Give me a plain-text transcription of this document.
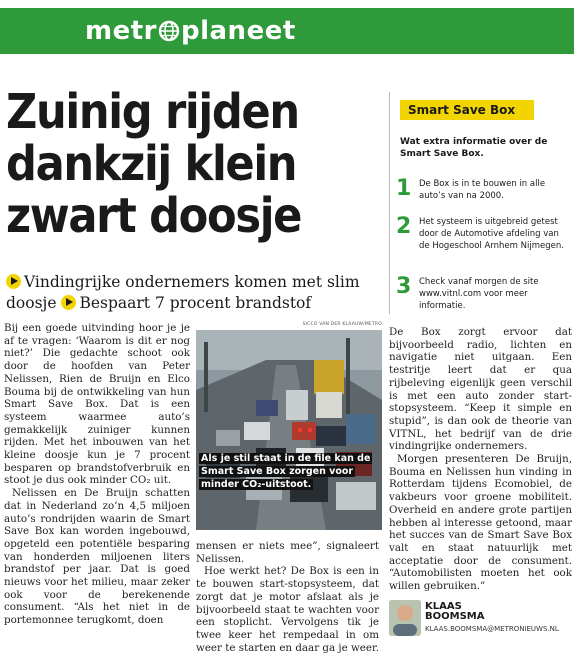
metr planeet
Zuinig rijden
dankzij klein
zwart doosje
Vindingrijke ondernemers komen met slim doosje Bespaart 7 procent brandstof
Smart Save Box
Wat extra informatie over de Smart Save Box.
1 De Box is in te bouwen in alle auto’s van na 2000.
2 Het systeem is uitgebreid getest door de Automotive afdeling van de Hogeschool Arnhem Nijmegen.
3 Check vanaf morgen de site www.vitnl.com voor meer informatie.

Bij een goede uitvinding hoor je je af te vragen: ‘Waarom is dit er nog niet?’ Die gedachte schoot ook door de hoofden van Peter Nelissen, Rien de Bruijn en Elco Bouma bij de ontwikkeling van hun Smart Save Box. Dat is een systeem waarmee auto’s gemakkelijk zuiniger kunnen rijden. Met het inbouwen van het kleine doosje kun je 7 procent besparen op brandstofverbruik en stoot je dus ook minder CO₂ uit.

Nelissen en De Bruijn schatten dat in Nederland zo’n 4,5 miljoen auto’s rondrijden waarin de Smart Save Box kan worden ingebouwd, opgeteld een potentiële besparing van honderden miljoenen liters brandstof per jaar. Dat is goed nieuws voor het milieu, maar zeker ook voor de berekenende consument. “Als het niet in de portemonnee terugkomt, doen

SICCO VAN DER KLAAUW/METRO
Als je stil staat in de file kan de Smart Save Box zorgen voor minder CO₂-uitstoot.

mensen er niets mee”, signaleert Nelissen.

Hoe werkt het? De Box is een in te bouwen start-stopsysteem, dat zorgt dat je motor afslaat als je bijvoorbeeld staat te wachten voor een stoplicht. Vervolgens tik je twee keer het rempedaal in om weer te starten en daar ga je weer.

De Box zorgt ervoor dat bijvoorbeeld radio, lichten en navigatie niet uitgaan. Een testritje leert dat er qua rijbeleving eigenlijk geen verschil is met een auto zonder start-stopsysteem. “Keep it simple en stupid”, is dan ook de theorie van VITNL, het bedrijf van de drie vindingrijke ondernemers.

Morgen presenteren De Bruijn, Bouma en Nelissen hun vinding in Rotterdam tijdens Ecomobiel, de vakbeurs voor groene mobiliteit. Overheid en andere grote partijen hebben al interesse getoond, maar het succes van de Smart Save Box valt en staat natuurlijk met acceptatie door de consument. “Automobilisten moeten het ook willen gebruiken.”

KLAAS
BOOMSMA
KLAAS.BOOMSMA@METRONIEUWS.NL
